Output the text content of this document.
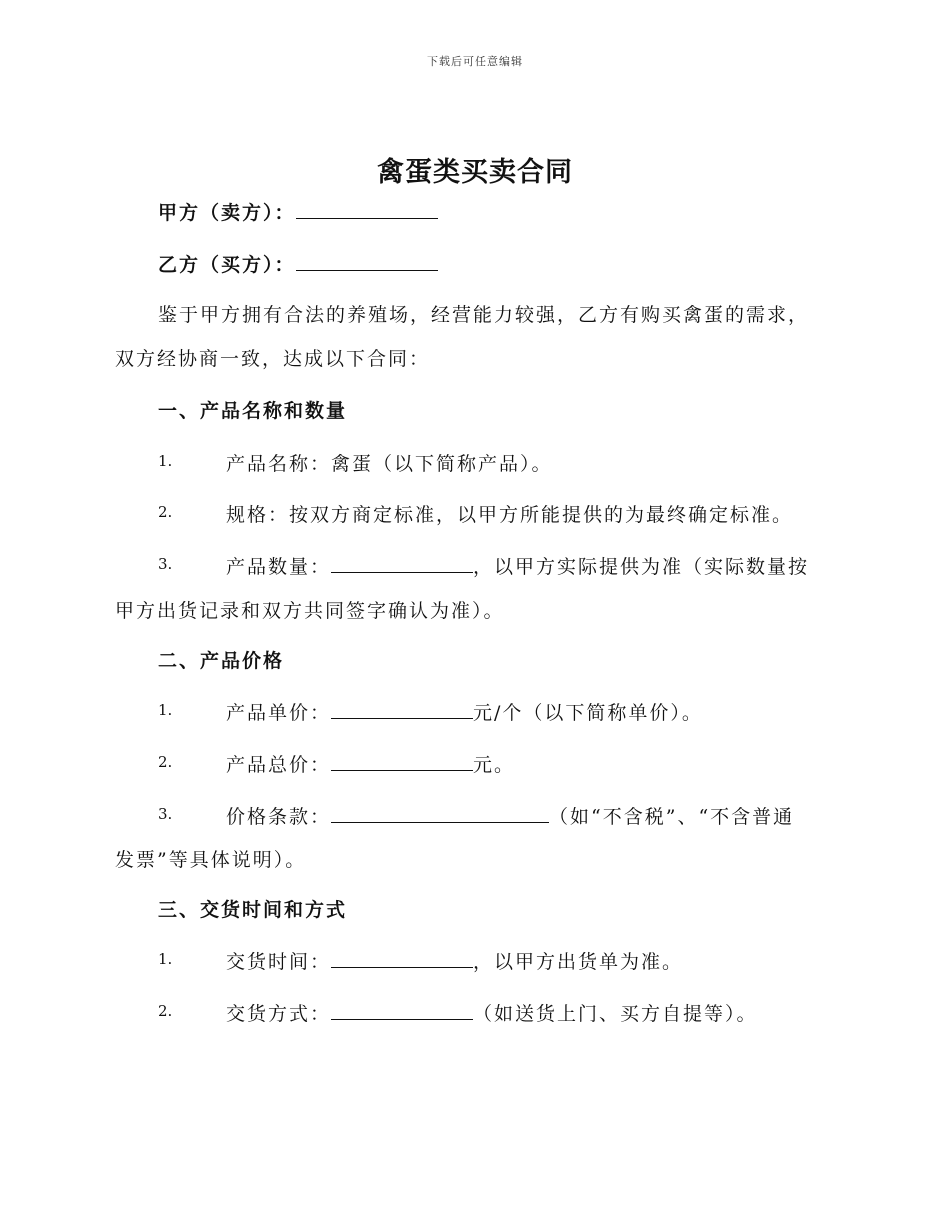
下载后可任意编辑
禽蛋类买卖合同
甲方（卖方）：
乙方（买方）：
鉴于甲方拥有合法的养殖场，经营能力较强，乙方有购买禽蛋的需求，
双方经协商一致，达成以下合同：
一、产品名称和数量
1.	产品名称：禽蛋（以下简称产品）。
2.	规格：按双方商定标准，以甲方所能提供的为最终确定标准。
3.	产品数量：	，以甲方实际提供为准（实际数量按
甲方出货记录和双方共同签字确认为准）。
二、产品价格
1.	产品单价：	元/个（以下简称单价）。
2.	产品总价：	元。
3.	价格条款：	（如“不含税”、“不含普通
发票”等具体说明）。
三、交货时间和方式
1.	交货时间：	，以甲方出货单为准。
2.	交货方式：	（如送货上门、买方自提等）。
